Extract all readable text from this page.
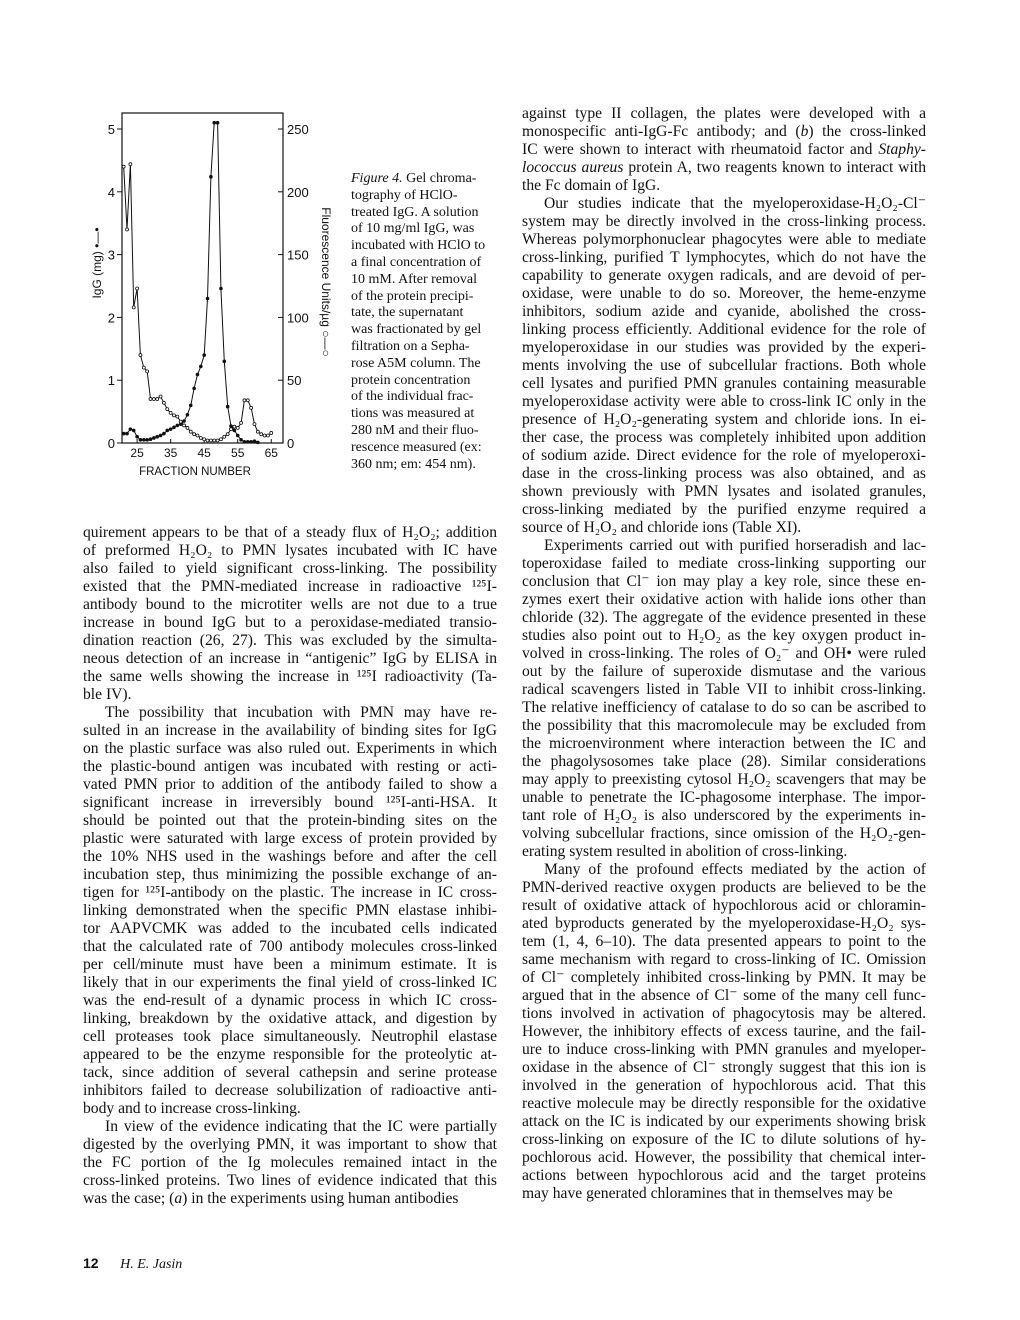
0
1
2
3
4
5
0
50
100
150
200
250
25 35 45 55 65
FRACTION NUMBER
IgG (mg) •—•	Fluorescence Units/µg ○—○
Figure 4. Gel chroma-
tography of HClO-
treated IgG. A solution
of 10 mg/ml IgG, was
incubated with HClO to
a final concentration of
10 mM. After removal
of the protein precipi-
tate, the supernatant
was fractionated by gel
filtration on a Sepha-
rose A5M column. The
protein concentration
of the individual frac-
tions was measured at
280 nM and their fluo-
rescence measured (ex:
360 nm; em: 454 nm).
quirement appears to be that of a steady flux of H₂O₂; addition
of preformed H₂O₂ to PMN lysates incubated with IC have
also failed to yield significant cross-linking. The possibility
existed that the PMN-mediated increase in radioactive ¹²⁵I-
antibody bound to the microtiter wells are not due to a true
increase in bound IgG but to a peroxidase-mediated transio-
dination reaction (26, 27). This was excluded by the simulta-
neous detection of an increase in “antigenic” IgG by ELISA in
the same wells showing the increase in ¹²⁵I radioactivity (Ta-
ble IV).
The possibility that incubation with PMN may have re-
sulted in an increase in the availability of binding sites for IgG
on the plastic surface was also ruled out. Experiments in which
the plastic-bound antigen was incubated with resting or acti-
vated PMN prior to addition of the antibody failed to show a
significant increase in irreversibly bound ¹²⁵I-anti-HSA. It
should be pointed out that the protein-binding sites on the
plastic were saturated with large excess of protein provided by
the 10% NHS used in the washings before and after the cell
incubation step, thus minimizing the possible exchange of an-
tigen for ¹²⁵I-antibody on the plastic. The increase in IC cross-
linking demonstrated when the specific PMN elastase inhibi-
tor AAPVCMK was added to the incubated cells indicated
that the calculated rate of 700 antibody molecules cross-linked
per cell/minute must have been a minimum estimate. It is
likely that in our experiments the final yield of cross-linked IC
was the end-result of a dynamic process in which IC cross-
linking, breakdown by the oxidative attack, and digestion by
cell proteases took place simultaneously. Neutrophil elastase
appeared to be the enzyme responsible for the proteolytic at-
tack, since addition of several cathepsin and serine protease
inhibitors failed to decrease solubilization of radioactive anti-
body and to increase cross-linking.
In view of the evidence indicating that the IC were partially
digested by the overlying PMN, it was important to show that
the FC portion of the Ig molecules remained intact in the
cross-linked proteins. Two lines of evidence indicated that this
was the case; (a) in the experiments using human antibodies
against type II collagen, the plates were developed with a
monospecific anti-IgG-Fc antibody; and (b) the cross-linked
IC were shown to interact with rheumatoid factor and Staphy-
lococcus aureus protein A, two reagents known to interact with
the Fc domain of IgG.
Our studies indicate that the myeloperoxidase-H₂O₂-Cl⁻
system may be directly involved in the cross-linking process.
Whereas polymorphonuclear phagocytes were able to mediate
cross-linking, purified T lymphocytes, which do not have the
capability to generate oxygen radicals, and are devoid of per-
oxidase, were unable to do so. Moreover, the heme-enzyme
inhibitors, sodium azide and cyanide, abolished the cross-
linking process efficiently. Additional evidence for the role of
myeloperoxidase in our studies was provided by the experi-
ments involving the use of subcellular fractions. Both whole
cell lysates and purified PMN granules containing measurable
myeloperoxidase activity were able to cross-link IC only in the
presence of H₂O₂-generating system and chloride ions. In ei-
ther case, the process was completely inhibited upon addition
of sodium azide. Direct evidence for the role of myeloperoxi-
dase in the cross-linking process was also obtained, and as
shown previously with PMN lysates and isolated granules,
cross-linking mediated by the purified enzyme required a
source of H₂O₂ and chloride ions (Table XI).
Experiments carried out with purified horseradish and lac-
toperoxidase failed to mediate cross-linking supporting our
conclusion that Cl⁻ ion may play a key role, since these en-
zymes exert their oxidative action with halide ions other than
chloride (32). The aggregate of the evidence presented in these
studies also point out to H₂O₂ as the key oxygen product in-
volved in cross-linking. The roles of O₂⁻ and OH• were ruled
out by the failure of superoxide dismutase and the various
radical scavengers listed in Table VII to inhibit cross-linking.
The relative inefficiency of catalase to do so can be ascribed to
the possibility that this macromolecule may be excluded from
the microenvironment where interaction between the IC and
the phagolysosomes take place (28). Similar considerations
may apply to preexisting cytosol H₂O₂ scavengers that may be
unable to penetrate the IC-phagosome interphase. The impor-
tant role of H₂O₂ is also underscored by the experiments in-
volving subcellular fractions, since omission of the H₂O₂-gen-
erating system resulted in abolition of cross-linking.
Many of the profound effects mediated by the action of
PMN-derived reactive oxygen products are believed to be the
result of oxidative attack of hypochlorous acid or chloramin-
ated byproducts generated by the myeloperoxidase-H₂O₂ sys-
tem (1, 4, 6–10). The data presented appears to point to the
same mechanism with regard to cross-linking of IC. Omission
of Cl⁻ completely inhibited cross-linking by PMN. It may be
argued that in the absence of Cl⁻ some of the many cell func-
tions involved in activation of phagocytosis may be altered.
However, the inhibitory effects of excess taurine, and the fail-
ure to induce cross-linking with PMN granules and myeloper-
oxidase in the absence of Cl⁻ strongly suggest that this ion is
involved in the generation of hypochlorous acid. That this
reactive molecule may be directly responsible for the oxidative
attack on the IC is indicated by our experiments showing brisk
cross-linking on exposure of the IC to dilute solutions of hy-
pochlorous acid. However, the possibility that chemical inter-
actions between hypochlorous acid and the target proteins
may have generated chloramines that in themselves may be
12 H. E. Jasin
